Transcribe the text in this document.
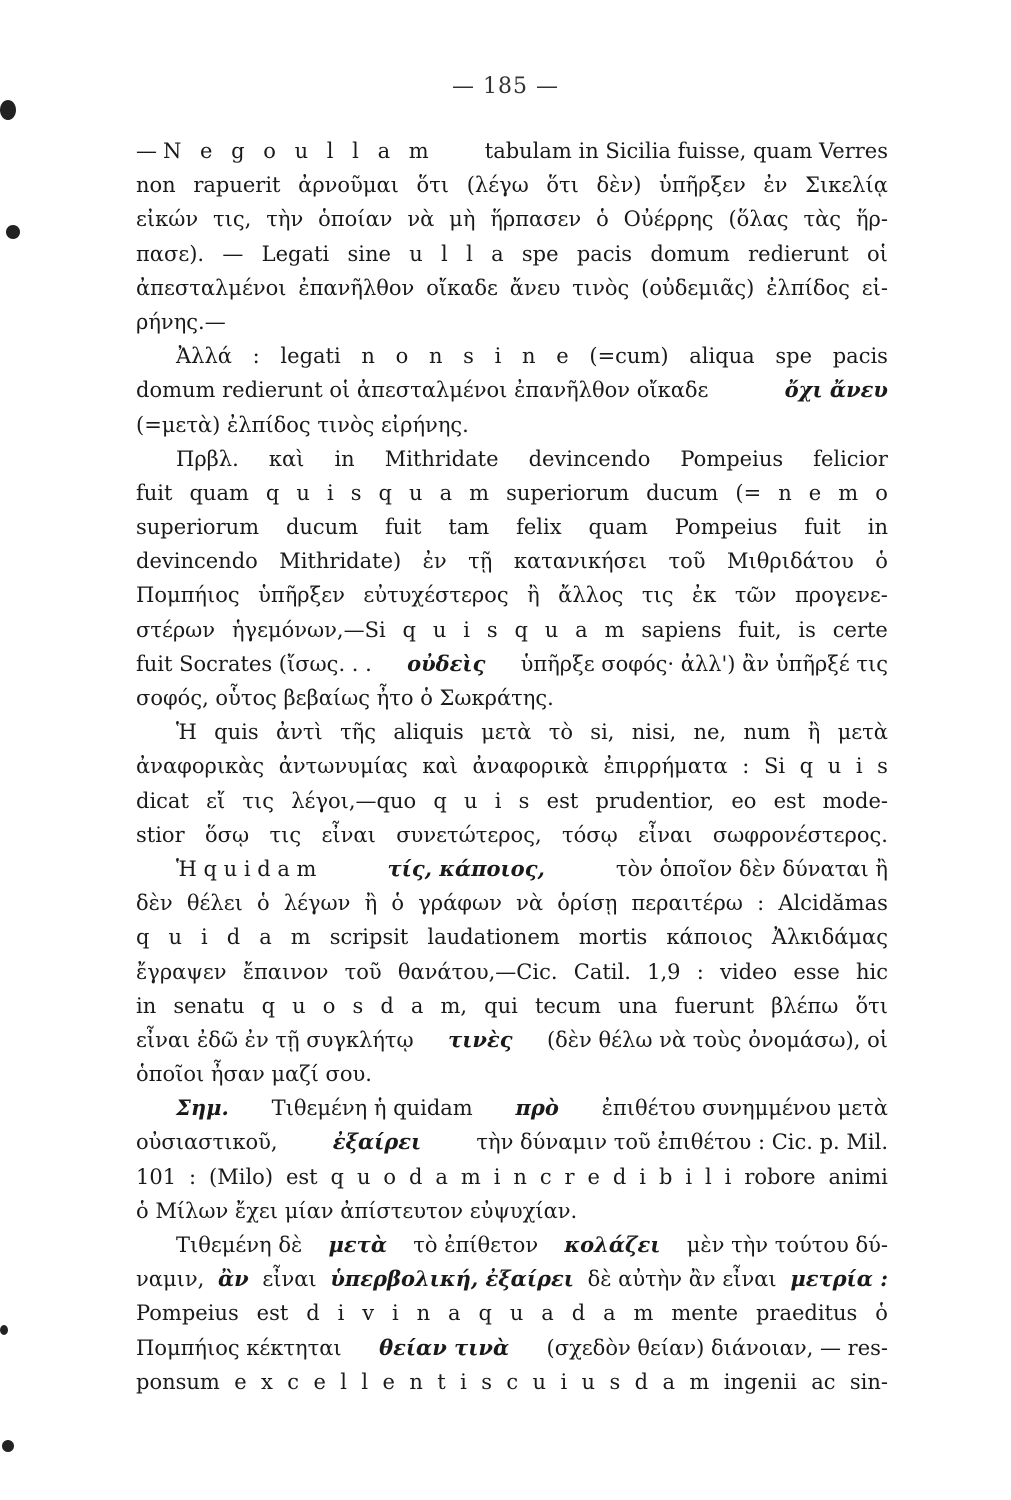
— 185 —
—N e g o u l l a m tabulam in Sicilia fuisse, quam Verres
non rapuerit ἀρνοῦμαι ὅτι (λέγω ὅτι δὲν) ὑπῆρξεν ἐν Σικελίᾳ
εἰκών τις, τὴν ὁποίαν νὰ μὴ ἥρπασεν ὁ Οὐέρρης (ὅλας τὰς ἥρ-
πασε). — Legati sine u l l a spe pacis domum redierunt οἱ
ἀπεσταλμένοι ἐπανῆλθον οἴκαδε ἄνευ τινὸς (οὐδεμιᾶς) ἐλπίδος εἰ-
ρήνης.—
Ἀλλά : legati n o n s i n e (=cum) aliqua spe pacis
domum redierunt οἱ ἀπεσταλμένοι ἐπανῆλθον οἴκαδε	ὄχι ἄνευ
(=μετὰ) ἐλπίδος τινὸς εἰρήνης.
Πρβλ. καὶ in Mithridate devincendo Pompeius felicior
fuit quam q u i s q u a m superiorum ducum (= n e m o
superiorum ducum fuit tam felix quam Pompeius fuit in
devincendo Mithridate) ἐν τῇ κατανικήσει τοῦ Μιθριδάτου ὁ
Πομπήιος ὑπῆρξεν εὐτυχέστερος ἢ ἄλλος τις ἐκ τῶν προγενε-
στέρων ἡγεμόνων,—Si q u i s q u a m sapiens fuit, is certe
fuit Socrates (ἴσως. . . οὐδεὶς ὑπῆρξε σοφός· ἀλλ') ἂν ὑπῆρξέ τις
σοφός, οὗτος βεβαίως ἦτο ὁ Σωκράτης.
Ἡ quis ἀντὶ τῆς aliquis μετὰ τὸ si, nisi, ne, num ἢ μετὰ
ἀναφορικὰς ἀντωνυμίας καὶ ἀναφορικὰ ἐπιρρήματα : Si q u i s
dicat εἴ τις λέγοι,—quo q u i s est prudentior, eo est mode-
stior ὅσῳ τις εἶναι συνετώτερος, τόσῳ εἶναι σωφρονέστερος.
Ἡ q u i d a m	τίς, κάποιος,	τὸν ὁποῖον δὲν δύναται ἢ
δὲν θέλει ὁ λέγων ἢ ὁ γράφων νὰ ὁρίσῃ περαιτέρω : Alcidămas
q u i d a m scripsit laudationem mortis κάποιος Ἀλκιδάμας
ἔγραψεν ἔπαινον τοῦ θανάτου,—Cic. Catil. 1,9 : video esse hic
in senatu q u o s d a m, qui tecum una fuerunt βλέπω ὅτι
εἶναι ἐδῶ ἐν τῇ συγκλήτῳ τινὲς (δὲν θέλω νὰ τοὺς ὀνομάσω), οἱ
ὁποῖοι ἦσαν μαζί σου.
Σημ. Τιθεμένη ἡ quidam πρὸ ἐπιθέτου συνημμένου μετὰ
οὐσιαστικοῦ,	ἐξαίρει	τὴν δύναμιν τοῦ ἐπιθέτου : Cic. p. Mil.
101 : (Milo) est q u o d a m i n c r e d i b i l i robore animi
ὁ Μίλων ἔχει μίαν ἀπίστευτον εὐψυχίαν.
Τιθεμένη δὲ μετὰ τὸ ἐπίθετον κολάζει μὲν τὴν τούτου δύ-
ναμιν, ἂν εἶναι ὑπερβολική, ἐξαίρει δὲ αὐτὴν ἂν εἶναι μετρία :
Pompeius est d i v i n a q u a d a m mente praeditus ὁ
Πομπήιος κέκτηται θείαν τινὰ (σχεδὸν θείαν) διάνοιαν, — res-
ponsum e x c e l l e n t i s c u i u s d a m ingenii ac sin-
